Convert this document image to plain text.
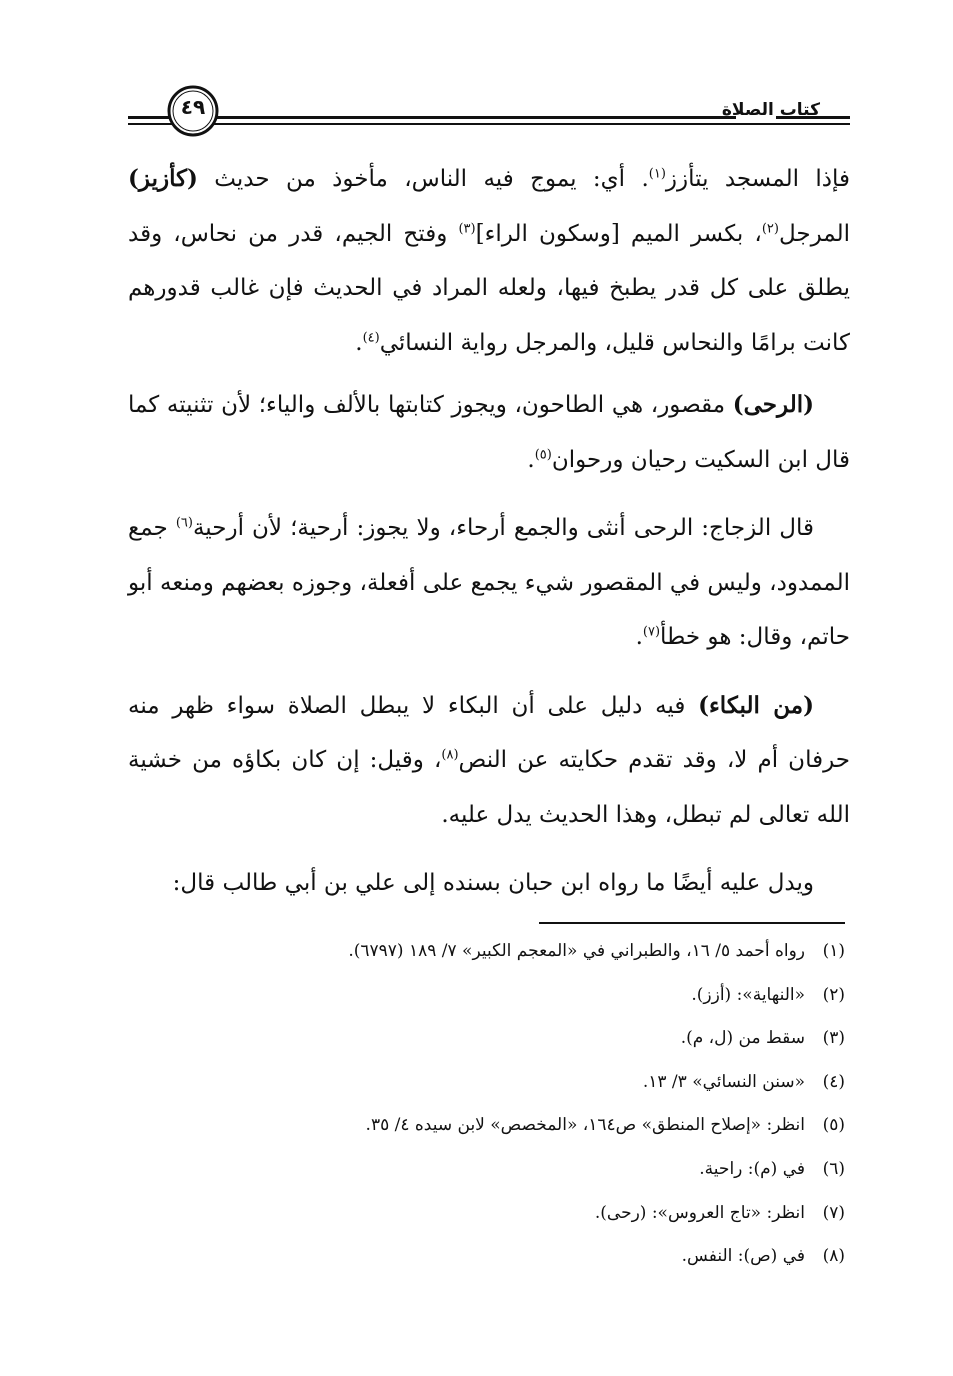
كتاب الصلاة
٤٩

فإذا المسجد يتأزز$^{(١)}$. أي: يموج فيه الناس، مأخوذ من حديث (كأزيز) المرجل$^{(٢)}$، بكسر الميم [وسكون الراء]$^{(٣)}$ وفتح الجيم، قدر من نحاس، وقد يطلق على كل قدر يطبخ فيها، ولعله المراد في الحديث فإن غالب قدورهم كانت برامًا والنحاس قليل، والمرجل رواية النسائي$^{(٤)}$.

(الرحى) مقصور، هي الطاحون، ويجوز كتابتها بالألف والياء؛ لأن تثنيته كما قال ابن السكيت رحيان ورحوان$^{(٥)}$.

قال الزجاج: الرحى أنثى والجمع أرحاء، ولا يجوز: أرحية؛ لأن أرحية$^{(٦)}$ جمع الممدود، وليس في المقصور شيء يجمع على أفعلة، وجوزه بعضهم ومنعه أبو حاتم، وقال: هو خطأ$^{(٧)}$.

(من البكاء) فيه دليل على أن البكاء لا يبطل الصلاة سواء ظهر منه حرفان أم لا، وقد تقدم حكايته عن النص$^{(٨)}$، وقيل: إن كان بكاؤه من خشية الله تعالى لم تبطل، وهذا الحديث يدل عليه.

ويدل عليه أيضًا ما رواه ابن حبان بسنده إلى علي بن أبي طالب قال:

(١)رواه أحمد ٥/ ١٦، والطبراني في «المعجم الكبير» ٧/ ١٨٩ (٦٧٩٧).
(٢)«النهاية»: (أزز).
(٣)سقط من (ل، م).
(٤)«سنن النسائي» ٣/ ١٣.
(٥)انظر: «إصلاح المنطق» ص١٦٤، «المخصص» لابن سيده ٤/ ٣٥.
(٦)في (م): راحية.
(٧)انظر: «تاج العروس»: (رحى).
(٨)في (ص): النفس.
